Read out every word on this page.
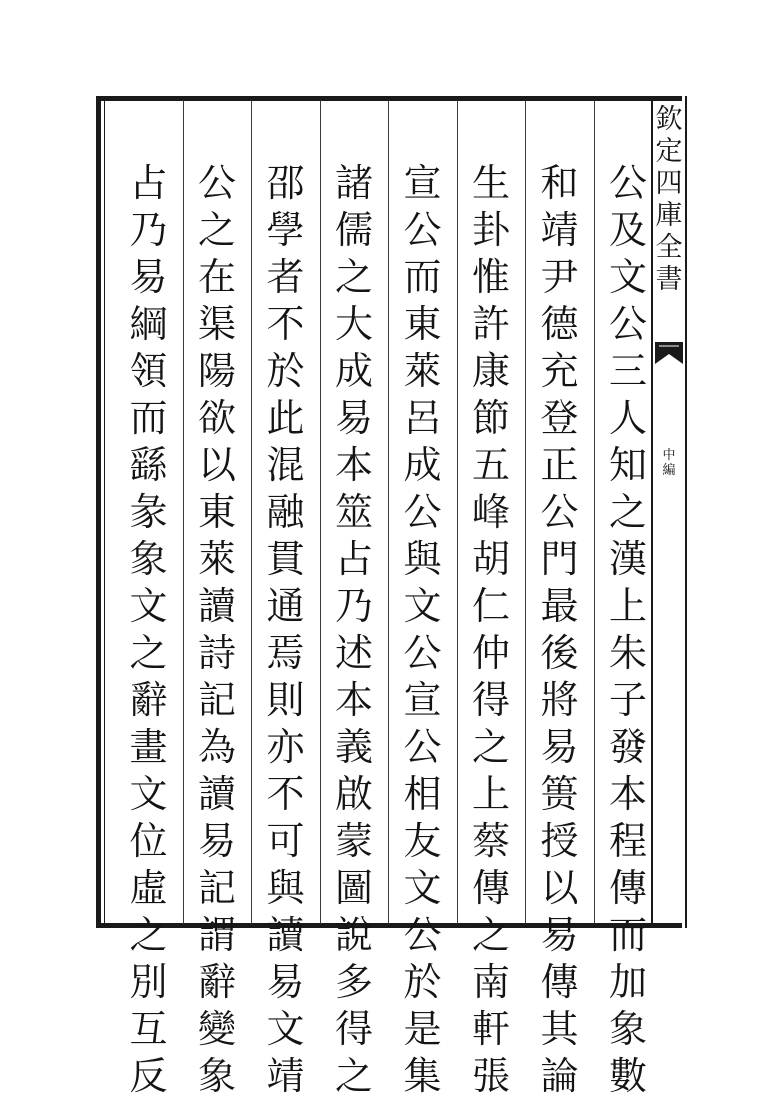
欽
定
四
庫
全
書
中
編
公
及
文
公
三
人
知
之
漢
上
朱
子
發
本
程
傳
而
加
象
數
和
靖
尹
德
充
登
正
公
門
最
後
將
易
篑
授
以
易
傳
其
論
生
卦
惟
許
康
節
五
峰
胡
仁
仲
得
之
上
蔡
傳
之
南
軒
張
宣
公
而
東
萊
呂
成
公
與
文
公
宣
公
相
友
文
公
於
是
集
諸
儒
之
大
成
易
本
筮
占
乃
述
本
義
啟
蒙
圖
說
多
得
之
邵
學
者
不
於
此
混
融
貫
通
焉
則
亦
不
可
與
讀
易
文
靖
公
之
在
渠
陽
欲
以
東
萊
讀
詩
記
為
讀
易
記
謂
辭
變
象
占
乃
易
綱
領
而
繇
彖
象
文
之
辭
畫
文
位
虛
之
別
互
反
